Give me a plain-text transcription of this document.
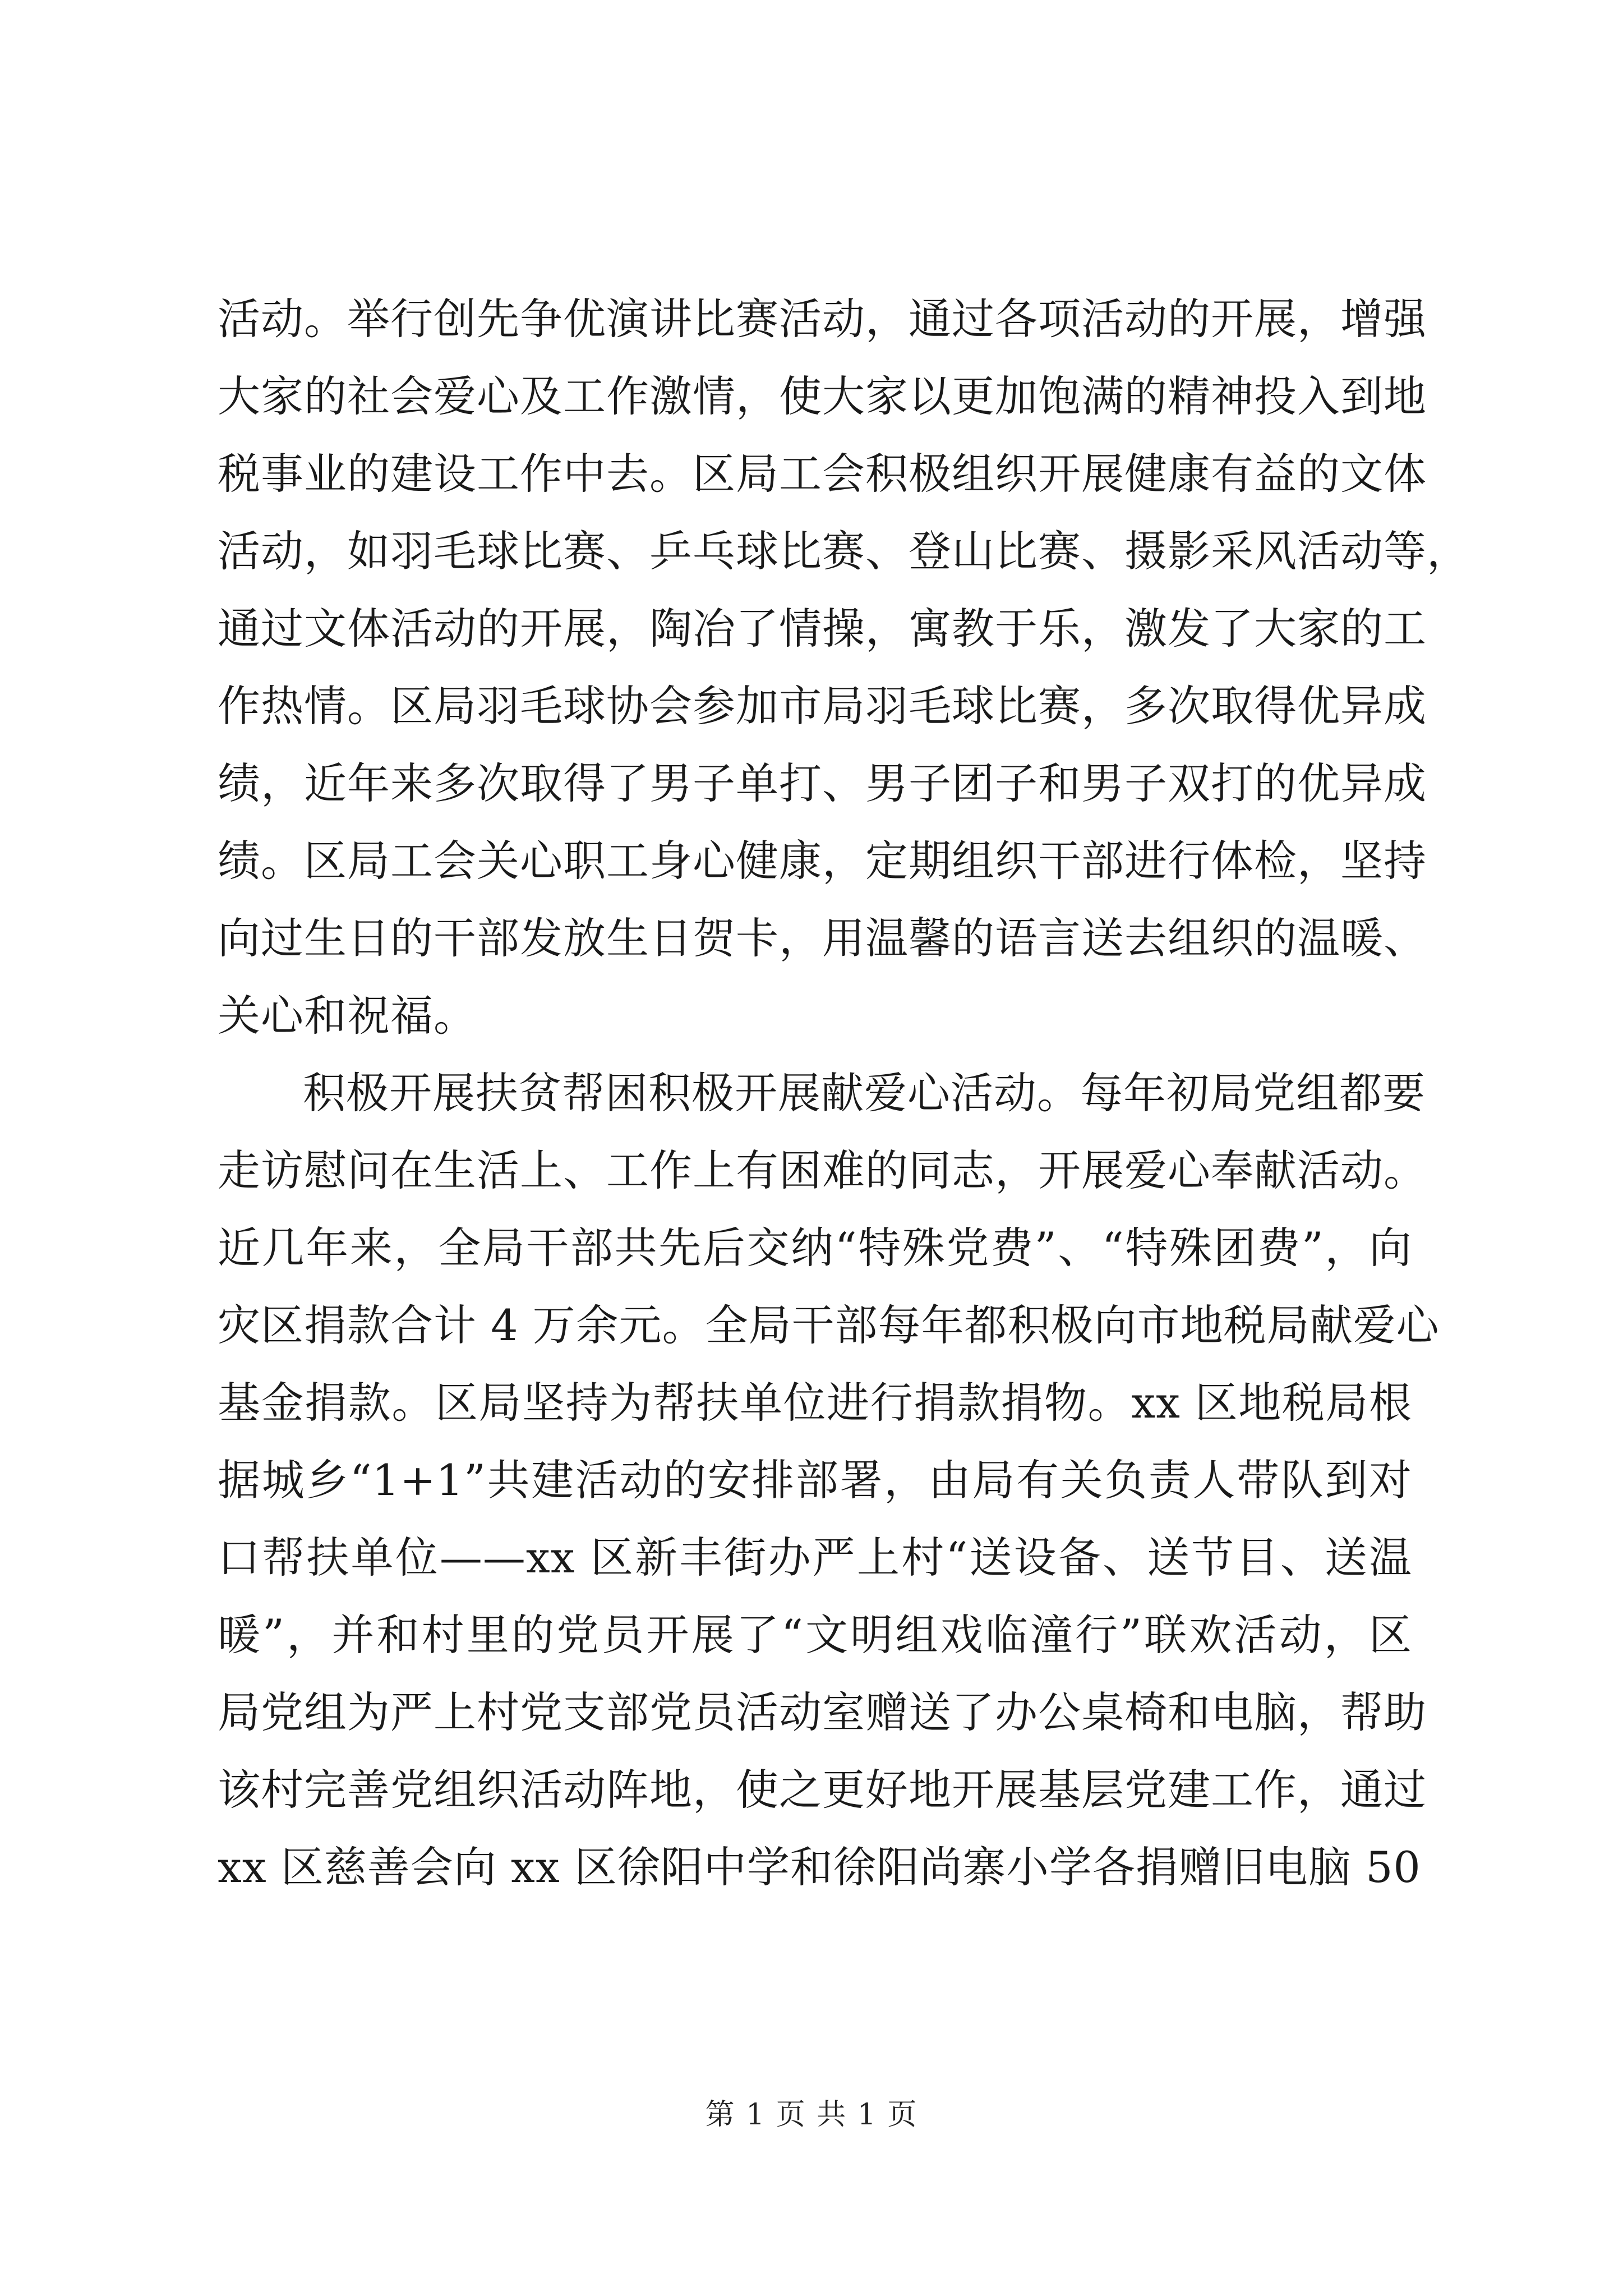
活动。举行创先争优演讲比赛活动，通过各项活动的开展，增强
大家的社会爱心及工作激情，使大家以更加饱满的精神投入到地
税事业的建设工作中去。区局工会积极组织开展健康有益的文体
活动，如羽毛球比赛、乒乓球比赛、登山比赛、摄影采风活动等，
通过文体活动的开展，陶冶了情操，寓教于乐，激发了大家的工
作热情。区局羽毛球协会参加市局羽毛球比赛，多次取得优异成
绩，近年来多次取得了男子单打、男子团子和男子双打的优异成
绩。区局工会关心职工身心健康，定期组织干部进行体检，坚持
向过生日的干部发放生日贺卡，用温馨的语言送去组织的温暖、
关心和祝福。
积极开展扶贫帮困积极开展献爱心活动。每年初局党组都要
走访慰问在生活上、工作上有困难的同志，开展爱心奉献活动。
近几年来，全局干部共先后交纳“特殊党费”、“特殊团费”，向
灾区捐款合计 4 万余元。全局干部每年都积极向市地税局献爱心
基金捐款。区局坚持为帮扶单位进行捐款捐物。xx 区地税局根
据城乡“1+1”共建活动的安排部署，由局有关负责人带队到对
口帮扶单位——xx 区新丰街办严上村“送设备、送节目、送温
暖”，并和村里的党员开展了“文明组戏临潼行”联欢活动，区
局党组为严上村党支部党员活动室赠送了办公桌椅和电脑，帮助
该村完善党组织活动阵地，使之更好地开展基层党建工作，通过
xx 区慈善会向 xx 区徐阳中学和徐阳尚寨小学各捐赠旧电脑 50
第 1 页 共 1 页
